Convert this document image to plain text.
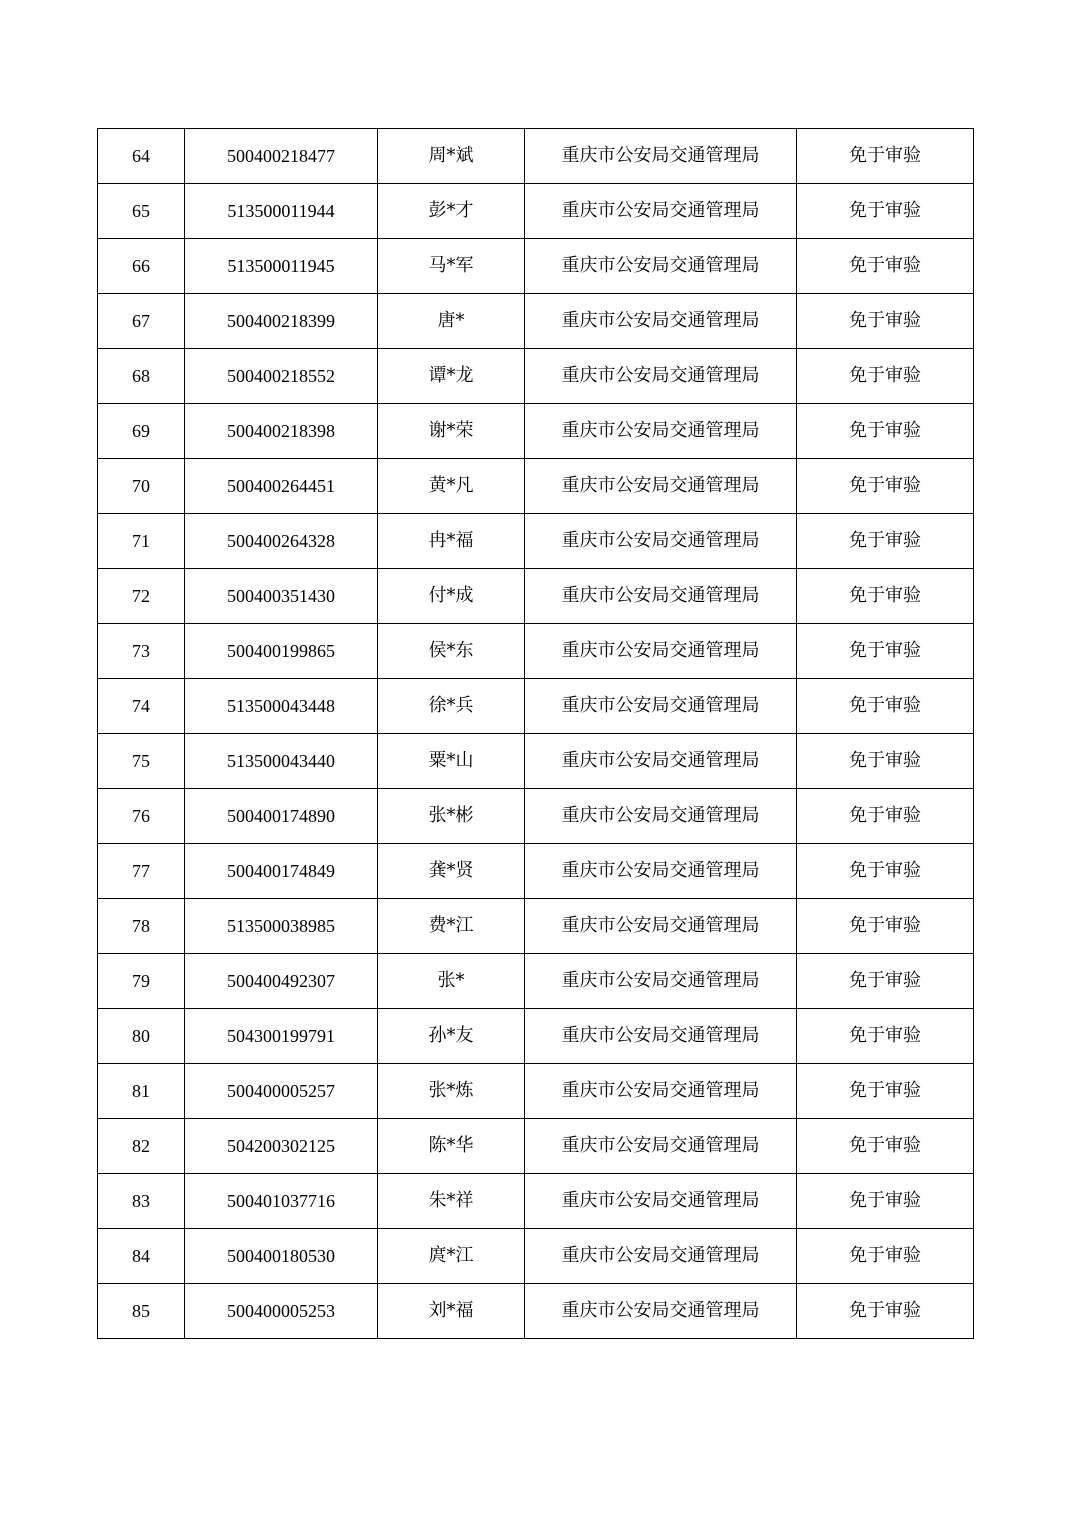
64	500400218477	周*斌	重庆市公安局交通管理局	免于审验
65	513500011944	彭*才	重庆市公安局交通管理局	免于审验
66	513500011945	马*军	重庆市公安局交通管理局	免于审验
67	500400218399	唐*	重庆市公安局交通管理局	免于审验
68	500400218552	谭*龙	重庆市公安局交通管理局	免于审验
69	500400218398	谢*荣	重庆市公安局交通管理局	免于审验
70	500400264451	黄*凡	重庆市公安局交通管理局	免于审验
71	500400264328	冉*福	重庆市公安局交通管理局	免于审验
72	500400351430	付*成	重庆市公安局交通管理局	免于审验
73	500400199865	侯*东	重庆市公安局交通管理局	免于审验
74	513500043448	徐*兵	重庆市公安局交通管理局	免于审验
75	513500043440	粟*山	重庆市公安局交通管理局	免于审验
76	500400174890	张*彬	重庆市公安局交通管理局	免于审验
77	500400174849	龚*贤	重庆市公安局交通管理局	免于审验
78	513500038985	费*江	重庆市公安局交通管理局	免于审验
79	500400492307	张*	重庆市公安局交通管理局	免于审验
80	504300199791	孙*友	重庆市公安局交通管理局	免于审验
81	500400005257	张*炼	重庆市公安局交通管理局	免于审验
82	504200302125	陈*华	重庆市公安局交通管理局	免于审验
83	500401037716	朱*祥	重庆市公安局交通管理局	免于审验
84	500400180530	庹*江	重庆市公安局交通管理局	免于审验
85	500400005253	刘*福	重庆市公安局交通管理局	免于审验
